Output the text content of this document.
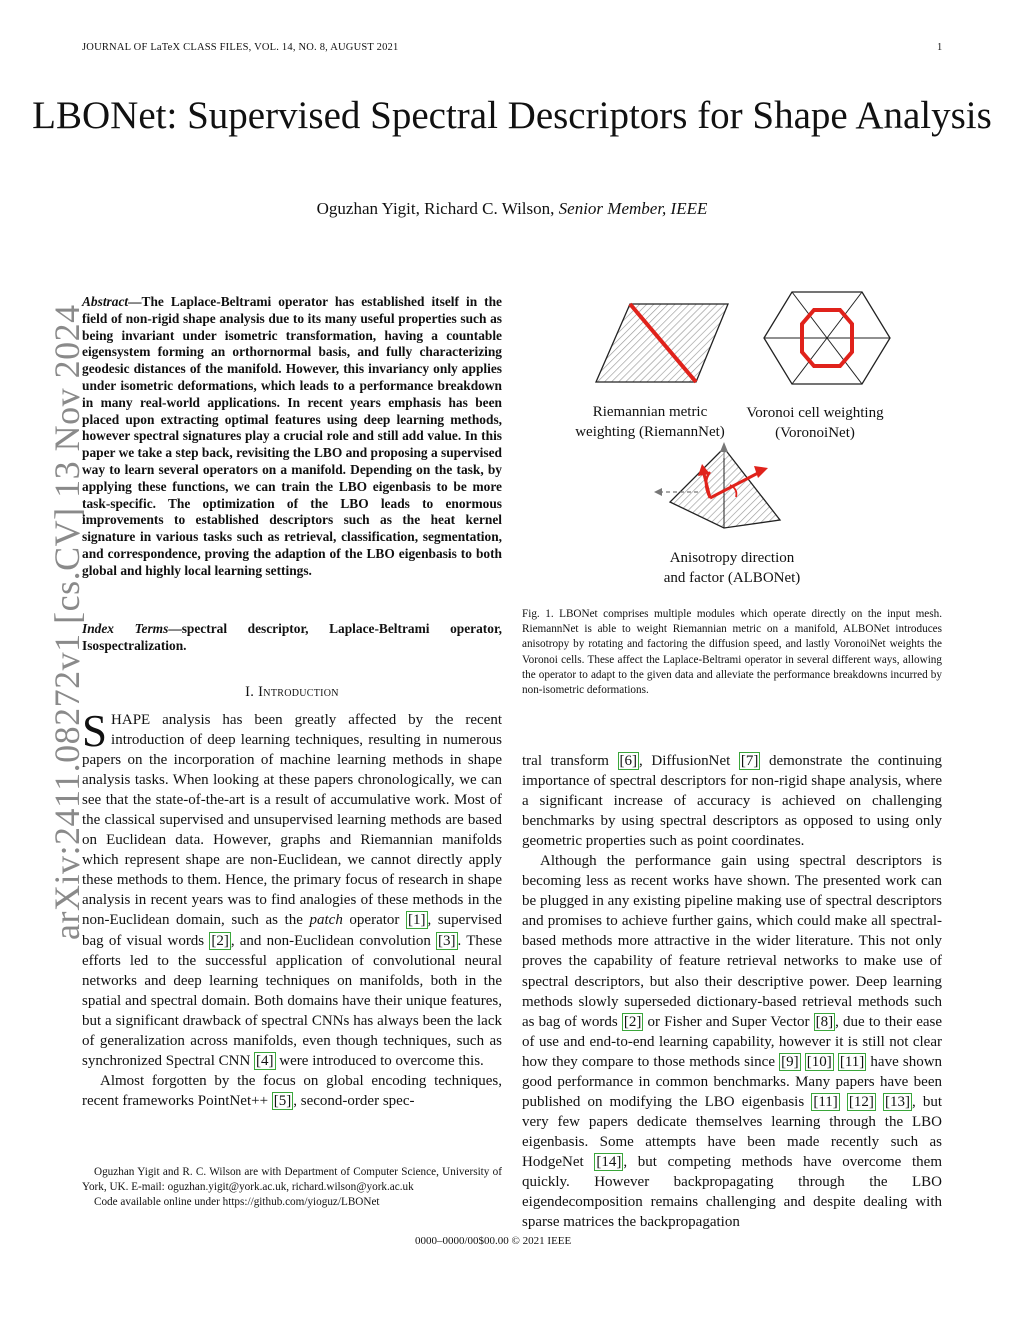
JOURNAL OF LaTeX CLASS FILES, VOL. 14, NO. 8, AUGUST 2021	1
arXiv:2411.08272v1 [cs.CV] 13 Nov 2024
LBONet: Supervised Spectral Descriptors for Shape Analysis
Oguzhan Yigit, Richard C. Wilson, Senior Member, IEEE
Abstract—The Laplace-Beltrami operator has established itself in the field of non-rigid shape analysis due to its many useful properties such as being invariant under isometric transformation, having a countable eigensystem forming an orthornormal basis, and fully characterizing geodesic distances of the manifold. However, this invariancy only applies under isometric deformations, which leads to a performance breakdown in many real-world applications. In recent years emphasis has been placed upon extracting optimal features using deep learning methods, however spectral signatures play a crucial role and still add value. In this paper we take a step back, revisiting the LBO and proposing a supervised way to learn several operators on a manifold. Depending on the task, by applying these functions, we can train the LBO eigenbasis to be more task-specific. The optimization of the LBO leads to enormous improvements to established descriptors such as the heat kernel signature in various tasks such as retrieval, classification, segmentation, and correspondence, proving the adaption of the LBO eigenbasis to both global and highly local learning settings.
Index Terms—spectral descriptor, Laplace-Beltrami operator, Isospectralization.
I. Introduction

SHAPE analysis has been greatly affected by the recent introduction of deep learning techniques, resulting in numerous papers on the incorporation of machine learning methods in shape analysis tasks. When looking at these papers chronologically, we can see that the state-of-the-art is a result of accumulative work. Most of the classical supervised and unsupervised learning methods are based on Euclidean data. However, graphs and Riemannian manifolds which represent shape are non-Euclidean, we cannot directly apply these methods to them. Hence, the primary focus of research in shape analysis in recent years was to find analogies of these methods in the non-Euclidean domain, such as the patch operator [1] , supervised bag of visual words [2] , and non-Euclidean convolution [3] . These efforts led to the successful application of convolutional neural networks and deep learning techniques on manifolds, both in the spatial and spectral domain. Both domains have their unique features, but a significant drawback of spectral CNNs has always been the lack of generalization across manifolds, even though techniques, such as synchronized Spectral CNN [4] were introduced to overcome this.

Almost forgotten by the focus on global encoding techniques, recent frameworks PointNet++ [5] , second-order spec-

Oguzhan Yigit and R. C. Wilson are with Department of Computer Science, University of York, UK. E-mail: oguzhan.yigit@york.ac.uk, richard.wilson@york.ac.uk

Code available online under https://github.com/yioguz/LBONet

Riemannian metric
weighting (RiemannNet)
Voronoi cell weighting
(VoronoiNet)
Anisotropy direction
and factor (ALBONet)
Fig. 1. LBONet comprises multiple modules which operate directly on the input mesh. RiemannNet is able to weight Riemannian metric on a manifold, ALBONet introduces anisotropy by rotating and factoring the diffusion speed, and lastly VoronoiNet weights the Voronoi cells. These affect the Laplace-Beltrami operator in several different ways, allowing the operator to adapt to the given data and alleviate the performance breakdowns incurred by non-isometric deformations.

tral transform [6] , DiffusionNet [7] demonstrate the continuing importance of spectral descriptors for non-rigid shape analysis, where a significant increase of accuracy is achieved on challenging benchmarks by using spectral descriptors as opposed to using only geometric properties such as point coordinates.

Although the performance gain using spectral descriptors is becoming less as recent works have shown. The presented work can be plugged in any existing pipeline making use of spectral descriptors and promises to achieve further gains, which could make all spectral-based methods more attractive in the wider literature. This not only proves the capability of feature retrieval networks to make use of spectral descriptors, but also their descriptive power. Deep learning methods slowly superseded dictionary-based retrieval methods such as bag of words [2] or Fisher and Super Vector [8] , due to their ease of use and end-to-end learning capability, however it is still not clear how they compare to those methods since [9] [10] [11] have shown good performance in common benchmarks. Many papers have been published on modifying the LBO eigenbasis [11] [12] [13] , but very few papers dedicate themselves learning through the LBO eigenbasis. Some attempts have been made recently such as HodgeNet [14] , but competing methods have overcome them quickly. However backpropagating through the LBO eigendecomposition remains challenging and despite dealing with sparse matrices the backpropagation

0000–0000/00$00.00 © 2021 IEEE
